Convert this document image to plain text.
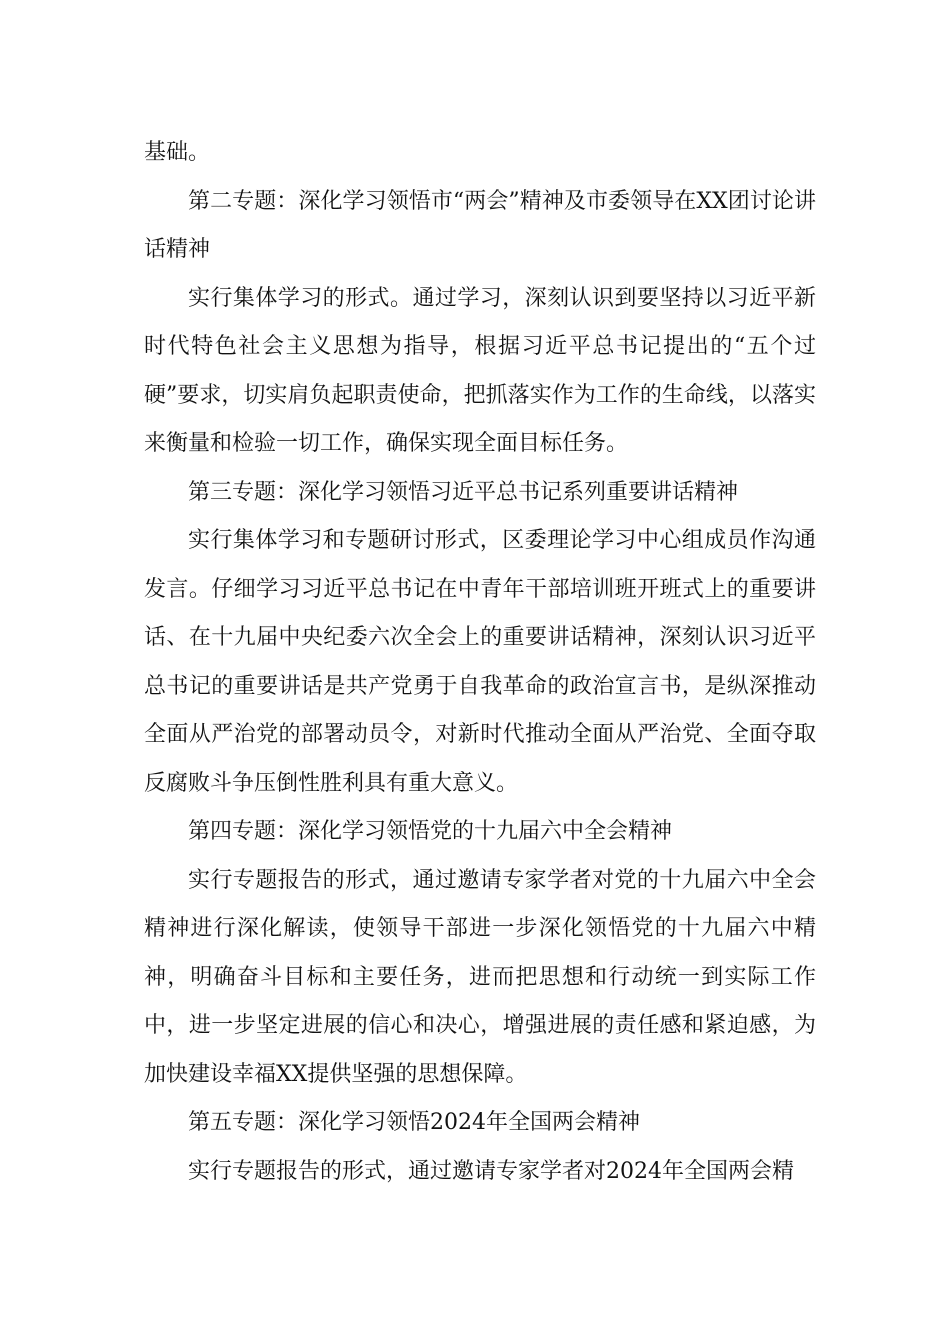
基础。

第二专题：深化学习领悟市“两会”精神及市委领导在XX团讨论讲话精神

实行集体学习的形式。通过学习，深刻认识到要坚持以习近平新时代特色社会主义思想为指导，根据习近平总书记提出的“五个过硬”要求，切实肩负起职责使命，把抓落实作为工作的生命线，以落实来衡量和检验一切工作，确保实现全面目标任务。

第三专题：深化学习领悟习近平总书记系列重要讲话精神

实行集体学习和专题研讨形式，区委理论学习中心组成员作沟通发言。仔细学习习近平总书记在中青年干部培训班开班式上的重要讲话、在十九届中央纪委六次全会上的重要讲话精神，深刻认识习近平总书记的重要讲话是共产党勇于自我革命的政治宣言书，是纵深推动全面从严治党的部署动员令，对新时代推动全面从严治党、全面夺取反腐败斗争压倒性胜利具有重大意义。

第四专题：深化学习领悟党的十九届六中全会精神

实行专题报告的形式，通过邀请专家学者对党的十九届六中全会精神进行深化解读，使领导干部进一步深化领悟党的十九届六中精神，明确奋斗目标和主要任务，进而把思想和行动统一到实际工作中，进一步坚定进展的信心和决心，增强进展的责任感和紧迫感，为加快建设幸福XX提供坚强的思想保障。

第五专题：深化学习领悟2024年全国两会精神

实行专题报告的形式，通过邀请专家学者对2024年全国两会精
